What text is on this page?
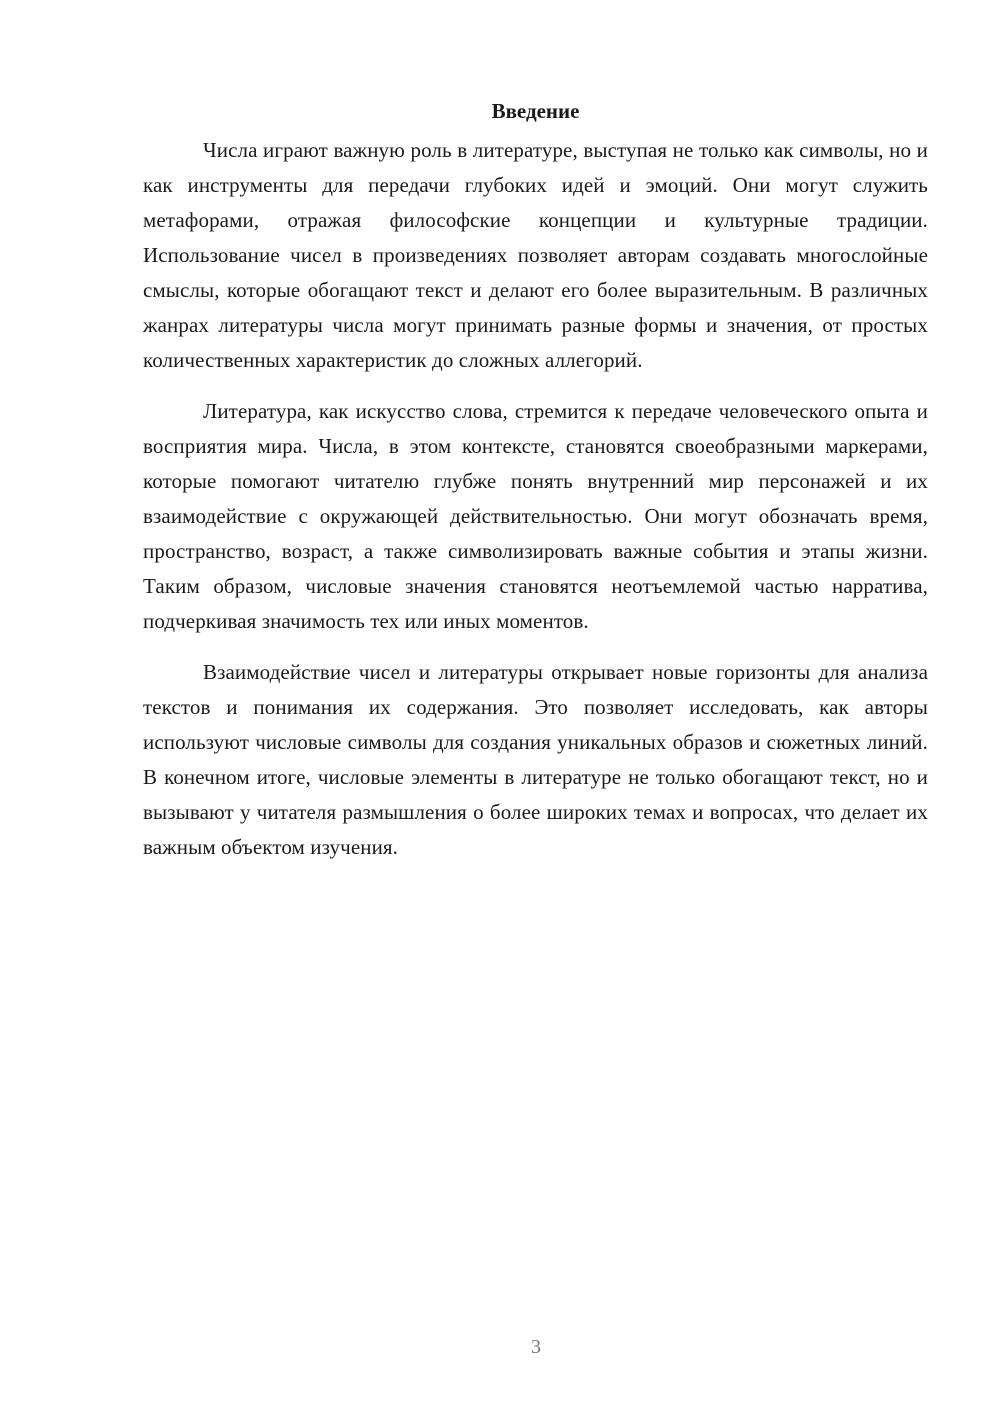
Введение

Числа играют важную роль в литературе, выступая не только как символы, но и как инструменты для передачи глубоких идей и эмоций. Они могут служить метафорами, отражая философские концепции и культурные традиции. Использование чисел в произведениях позволяет авторам создавать многослойные смыслы, которые обогащают текст и делают его более выразительным. В различных жанрах литературы числа могут принимать разные формы и значения, от простых количественных характеристик до сложных аллегорий.

Литература, как искусство слова, стремится к передаче человеческого опыта и восприятия мира. Числа, в этом контексте, становятся своеобразными маркерами, которые помогают читателю глубже понять внутренний мир персонажей и их взаимодействие с окружающей действительностью. Они могут обозначать время, пространство, возраст, а также символизировать важные события и этапы жизни. Таким образом, числовые значения становятся неотъемлемой частью нарратива, подчеркивая значимость тех или иных моментов.

Взаимодействие чисел и литературы открывает новые горизонты для анализа текстов и понимания их содержания. Это позволяет исследовать, как авторы используют числовые символы для создания уникальных образов и сюжетных линий. В конечном итоге, числовые элементы в литературе не только обогащают текст, но и вызывают у читателя размышления о более широких темах и вопросах, что делает их важным объектом изучения.

3
